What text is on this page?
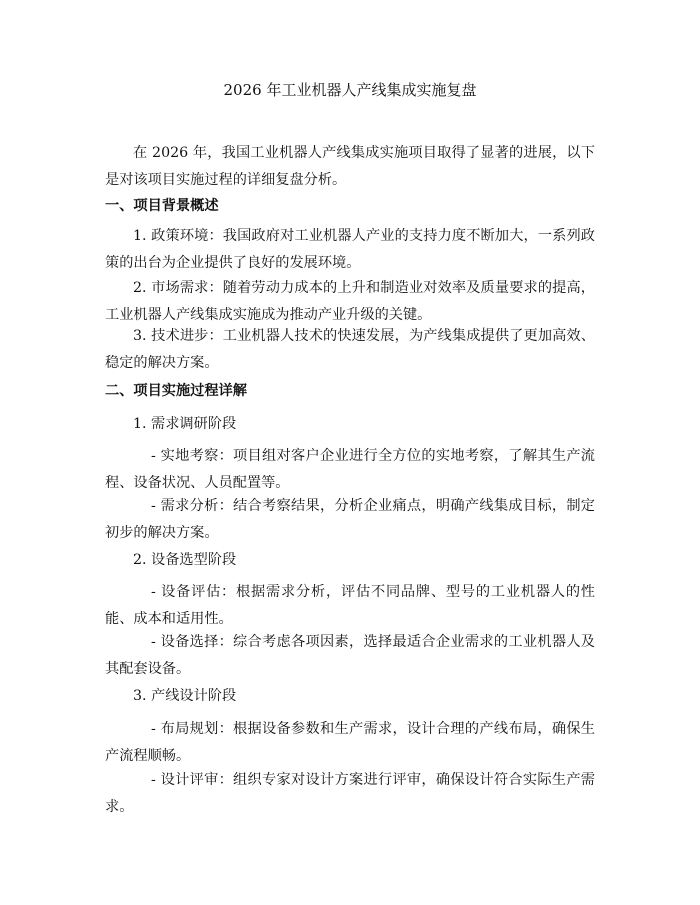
2026 年工业机器人产线集成实施复盘

在 2026 年，我国工业机器人产线集成实施项目取得了显著的进展，以下是对该项目实施过程的详细复盘分析。

一、项目背景概述

1. 政策环境：我国政府对工业机器人产业的支持力度不断加大，一系列政策的出台为企业提供了良好的发展环境。

2. 市场需求：随着劳动力成本的上升和制造业对效率及质量要求的提高，工业机器人产线集成实施成为推动产业升级的关键。

3. 技术进步：工业机器人技术的快速发展，为产线集成提供了更加高效、稳定的解决方案。

二、项目实施过程详解
1. 需求调研阶段

- 实地考察：项目组对客户企业进行全方位的实地考察，了解其生产流程、设备状况、人员配置等。

- 需求分析：结合考察结果，分析企业痛点，明确产线集成目标，制定初步的解决方案。

2. 设备选型阶段

- 设备评估：根据需求分析，评估不同品牌、型号的工业机器人的性能、成本和适用性。

- 设备选择：综合考虑各项因素，选择最适合企业需求的工业机器人及其配套设备。

3. 产线设计阶段

- 布局规划：根据设备参数和生产需求，设计合理的产线布局，确保生产流程顺畅。

- 设计评审：组织专家对设计方案进行评审，确保设计符合实际生产需求。
